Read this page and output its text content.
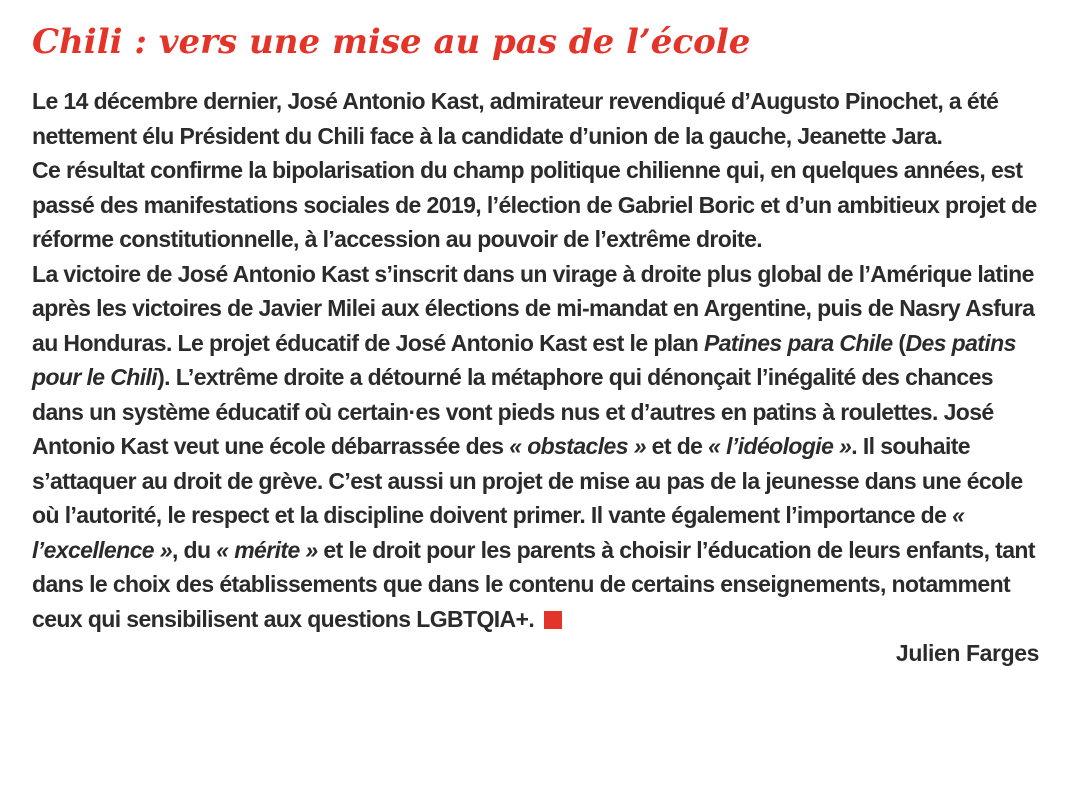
Chili : vers une mise au pas de l’école

Le 14 décembre dernier, José Antonio Kast, admirateur revendiqué d’Augusto Pinochet, a été nettement élu Président du Chili face à la candidate d’union de la gauche, Jeanette Jara.

Ce résultat confirme la bipolarisation du champ politique chilienne qui, en quelques années, est passé des manifestations sociales de 2019, l’élection de Gabriel Boric et d’un ambitieux projet de réforme constitutionnelle, à l’accession au pouvoir de l’extrême droite.

La victoire de José Antonio Kast s’inscrit dans un virage à droite plus global de l’Amérique latine après les victoires de Javier Milei aux élections de mi-mandat en Argentine, puis de Nasry Asfura au Honduras. Le projet éducatif de José Antonio Kast est le plan Patines para Chile (Des patins pour le Chili). L’extrême droite a détourné la métaphore qui dénonçait l’inégalité des chances dans un système éducatif où certain·es vont pieds nus et d’autres en patins à roulettes. José Antonio Kast veut une école débarrassée des « obstacles » et de « l’idéologie ». Il souhaite s’attaquer au droit de grève. C’est aussi un projet de mise au pas de la jeunesse dans une école où l’autorité, le respect et la discipline doivent primer. Il vante également l’importance de « l’excellence », du « mérite » et le droit pour les parents à choisir l’éducation de leurs enfants, tant dans le choix des établissements que dans le contenu de certains enseignements, notamment ceux qui sensibilisent aux questions LGBTQIA+.

Julien Farges
